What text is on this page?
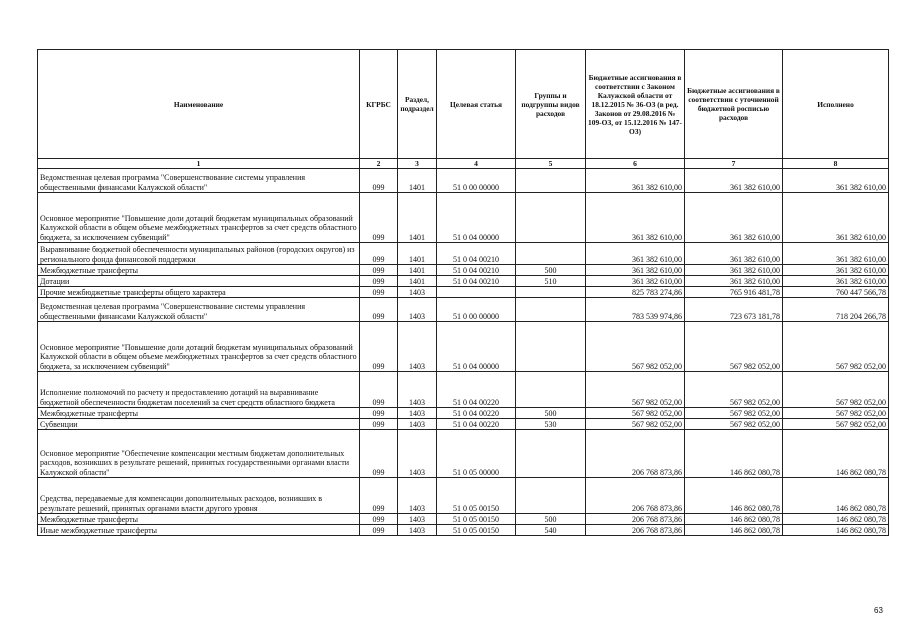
Наименование	КГРБС	Раздел, подраздел	Целевая статья	Группы и подгруппы видов расходов	Бюджетные ассигнования в соответствии с Законом Калужской области от 18.12.2015 № 36-ОЗ (в ред. Законов от 29.08.2016 № 109-ОЗ, от 15.12.2016 № 147-ОЗ)	Бюджетные ассигнования в соответствии с уточненной бюджетной росписью расходов	Исполнено
1	2	3	4	5	6	7	8
Ведомственная целевая программа "Совершенствование системы управления общественными финансами Калужской области"	099	1401	51 0 00 00000		361 382 610,00	361 382 610,00	361 382 610,00
Основное мероприятие "Повышение доли дотаций бюджетам муниципальных образований Калужской области в общем объеме межбюджетных трансфертов за счет средств областного бюджета, за исключением субвенций"	099	1401	51 0 04 00000		361 382 610,00	361 382 610,00	361 382 610,00
Выравнивание бюджетной обеспеченности муниципальных районов (городских округов) из регионального фонда финансовой поддержки	099	1401	51 0 04 00210		361 382 610,00	361 382 610,00	361 382 610,00
Межбюджетные трансферты	099	1401	51 0 04 00210	500	361 382 610,00	361 382 610,00	361 382 610,00
Дотации	099	1401	51 0 04 00210	510	361 382 610,00	361 382 610,00	361 382 610,00
Прочие межбюджетные трансферты общего характера	099	1403			825 783 274,86	765 916 481,78	760 447 566,78
Ведомственная целевая программа "Совершенствование системы управления общественными финансами Калужской области"	099	1403	51 0 00 00000		783 539 974,86	723 673 181,78	718 204 266,78
Основное мероприятие "Повышение доли дотаций бюджетам муниципальных образований Калужской области в общем объеме межбюджетных трансфертов за счет средств областного бюджета, за исключением субвенций"	099	1403	51 0 04 00000		567 982 052,00	567 982 052,00	567 982 052,00
Исполнение полномочий по расчету и предоставлению дотаций на выравнивание бюджетной обеспеченности бюджетам поселений за счет средств областного бюджета	099	1403	51 0 04 00220		567 982 052,00	567 982 052,00	567 982 052,00
Межбюджетные трансферты	099	1403	51 0 04 00220	500	567 982 052,00	567 982 052,00	567 982 052,00
Субвенции	099	1403	51 0 04 00220	530	567 982 052,00	567 982 052,00	567 982 052,00
Основное мероприятие "Обеспечение компенсации местным бюджетам дополнительных расходов, возникших в результате решений, принятых государственными органами власти Калужской области"	099	1403	51 0 05 00000		206 768 873,86	146 862 080,78	146 862 080,78
Средства, передаваемые для компенсации дополнительных расходов, возникших в результате решений, принятых органами власти другого уровня	099	1403	51 0 05 00150		206 768 873,86	146 862 080,78	146 862 080,78
Межбюджетные трансферты	099	1403	51 0 05 00150	500	206 768 873,86	146 862 080,78	146 862 080,78
Иные межбюджетные трансферты	099	1403	51 0 05 00150	540	206 768 873,86	146 862 080,78	146 862 080,78
63
